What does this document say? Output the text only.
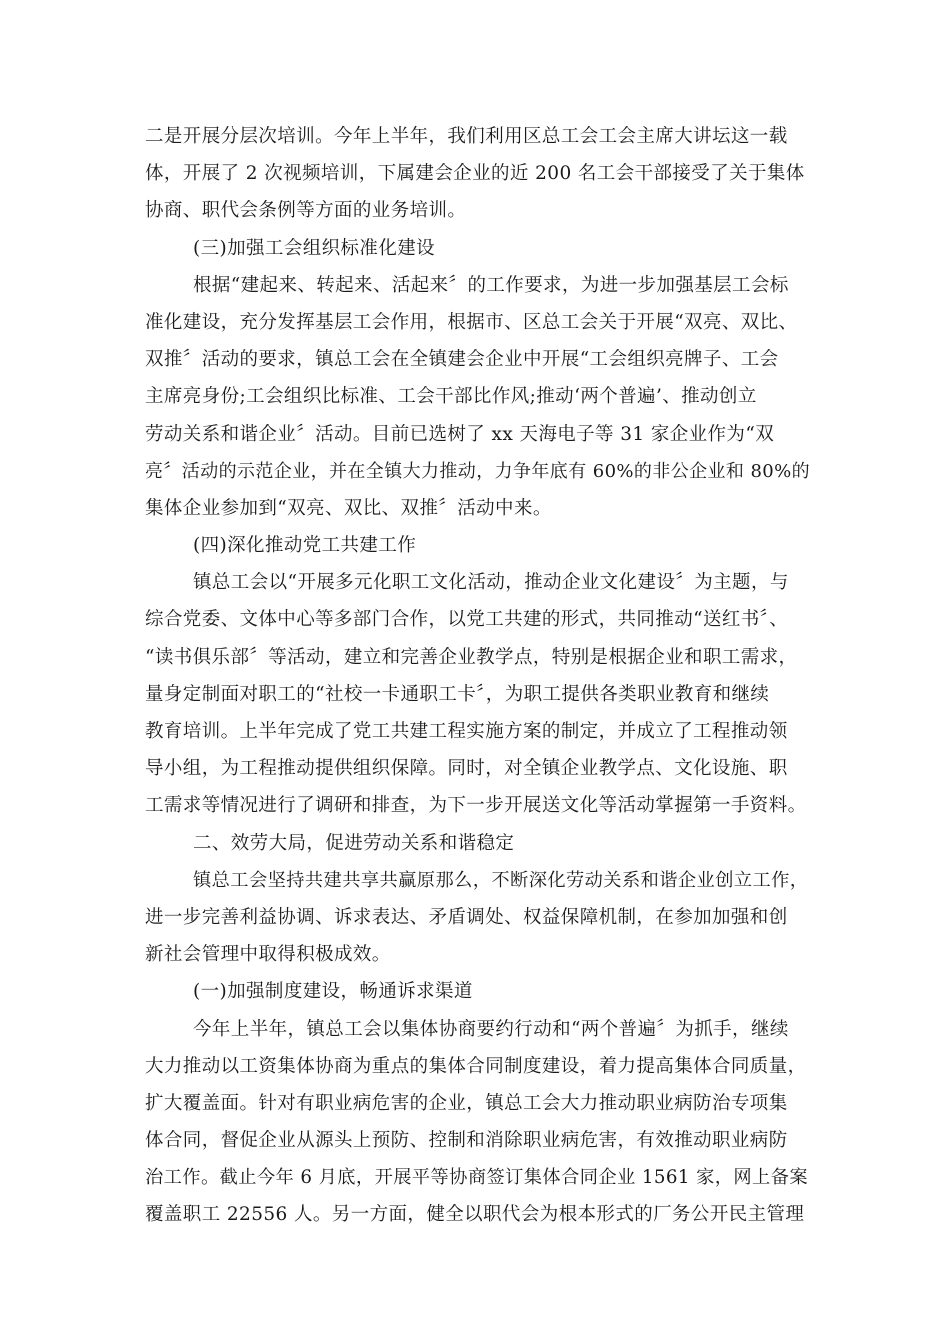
二是开展分层次培训。今年上半年，我们利用区总工会工会主席大讲坛这一载
体，开展了 2 次视频培训，下属建会企业的近 200 名工会干部接受了关于集体
协商、职代会条例等方面的业务培训。
(三)加强工会组织标准化建设
根据“建起来、转起来、活起来〞的工作要求，为进一步加强基层工会标
准化建设，充分发挥基层工会作用，根据市、区总工会关于开展“双亮、双比、
双推〞活动的要求，镇总工会在全镇建会企业中开展“工会组织亮牌子、工会
主席亮身份;工会组织比标准、工会干部比作风;推动‘两个普遍’、推动创立
劳动关系和谐企业〞活动。目前已选树了 xx 天海电子等 31 家企业作为“双
亮〞活动的示范企业，并在全镇大力推动，力争年底有 60%的非公企业和 80%的
集体企业参加到“双亮、双比、双推〞活动中来。
(四)深化推动党工共建工作
镇总工会以“开展多元化职工文化活动，推动企业文化建设〞为主题，与
综合党委、文体中心等多部门合作，以党工共建的形式，共同推动“送红书〞、
“读书俱乐部〞等活动，建立和完善企业教学点，特别是根据企业和职工需求，
量身定制面对职工的“社校一卡通职工卡〞，为职工提供各类职业教育和继续
教育培训。上半年完成了党工共建工程实施方案的制定，并成立了工程推动领
导小组，为工程推动提供组织保障。同时，对全镇企业教学点、文化设施、职
工需求等情况进行了调研和排查，为下一步开展送文化等活动掌握第一手资料。
二、效劳大局，促进劳动关系和谐稳定
镇总工会坚持共建共享共赢原那么，不断深化劳动关系和谐企业创立工作，
进一步完善利益协调、诉求表达、矛盾调处、权益保障机制，在参加加强和创
新社会管理中取得积极成效。
(一)加强制度建设，畅通诉求渠道
今年上半年，镇总工会以集体协商要约行动和“两个普遍〞为抓手，继续
大力推动以工资集体协商为重点的集体合同制度建设，着力提高集体合同质量，
扩大覆盖面。针对有职业病危害的企业，镇总工会大力推动职业病防治专项集
体合同，督促企业从源头上预防、控制和消除职业病危害，有效推动职业病防
治工作。截止今年 6 月底，开展平等协商签订集体合同企业 1561 家，网上备案
覆盖职工 22556 人。另一方面，健全以职代会为根本形式的厂务公开民主管理
